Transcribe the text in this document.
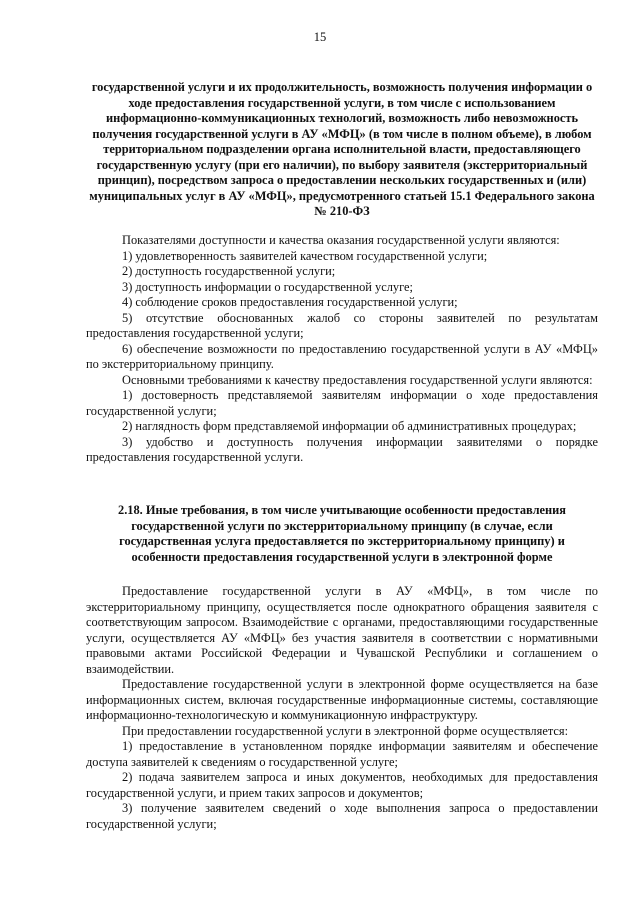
15
государственной услуги и их продолжительность, возможность получения информации о ходе предоставления государственной услуги, в том числе с использованием информационно-коммуникационных технологий, возможность либо невозможность получения государственной услуги в АУ «МФЦ» (в том числе в полном объеме), в любом территориальном подразделении органа исполнительной власти, предоставляющего государственную услугу (при его наличии), по выбору заявителя (экстерриториальный принцип), посредством запроса о предоставлении нескольких государственных и (или) муниципальных услуг в АУ «МФЦ», предусмотренного статьей 15.1 Федерального закона № 210-ФЗ

Показателями доступности и качества оказания государственной услуги являются:

1) удовлетворенность заявителей качеством государственной услуги;

2) доступность государственной услуги;

3) доступность информации о государственной услуге;

4) соблюдение сроков предоставления государственной услуги;

5) отсутствие обоснованных жалоб со стороны заявителей по результатам предоставления государственной услуги;

6) обеспечение возможности по предоставлению государственной услуги в АУ «МФЦ» по экстерриториальному принципу.

Основными требованиями к качеству предоставления государственной услуги являются:

1) достоверность представляемой заявителям информации о ходе предоставления государственной услуги;

2) наглядность форм представляемой информации об административных процедурах;

3) удобство и доступность получения информации заявителями о порядке предоставления государственной услуги.

2.18. Иные требования, в том числе учитывающие особенности предоставления государственной услуги по экстерриториальному принципу (в случае, если государственная услуга предоставляется по экстерриториальному принципу) и особенности предоставления государственной услуги в электронной форме

Предоставление государственной услуги в АУ «МФЦ», в том числе по экстерриториальному принципу, осуществляется после однократного обращения заявителя с соответствующим запросом. Взаимодействие с органами, предоставляющими государственные услуги, осуществляется АУ «МФЦ» без участия заявителя в соответствии с нормативными правовыми актами Российской Федерации и Чувашской Республики и соглашением о взаимодействии.

Предоставление государственной услуги в электронной форме осуществляется на базе информационных систем, включая государственные информационные системы, составляющие информационно-технологическую и коммуникационную инфраструктуру.

При предоставлении государственной услуги в электронной форме осуществляется:

1) предоставление в установленном порядке информации заявителям и обеспечение доступа заявителей к сведениям о государственной услуге;

2) подача заявителем запроса и иных документов, необходимых для предоставления государственной услуги, и прием таких запросов и документов;

3) получение заявителем сведений о ходе выполнения запроса о предоставлении государственной услуги;
